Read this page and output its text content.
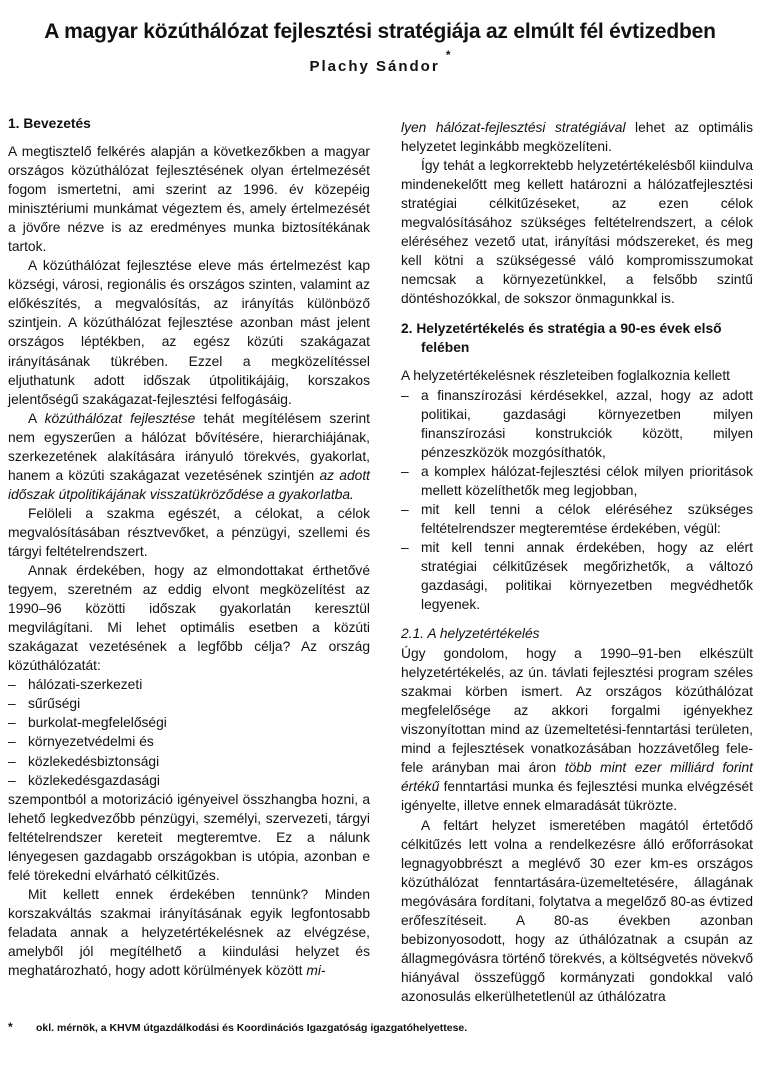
A magyar közúthálózat fejlesztési stratégiája az elmúlt fél évtizedben
Plachy Sándor *
1. Bevezetés

A megtisztelő felkérés alapján a következőkben a magyar országos közúthálózat fejlesztésének olyan értelmezését fogom ismertetni, ami szerint az 1996. év közepéig minisztériumi munkámat végeztem és, amely értelmezését a jövőre nézve is az eredményes munka biztosítékának tartok.

A közúthálózat fejlesztése eleve más értelmezést kap községi, városi, regionális és országos szinten, valamint az előkészítés, a megvalósítás, az irányítás különböző szintjein. A közúthálózat fejlesztése azonban mást jelent országos léptékben, az egész közúti szakágazat irányításának tükrében. Ezzel a megközelítéssel eljuthatunk adott időszak útpolitikájáig, korszakos jelentőségű szakágazat-fejlesztési felfogásáig.

A közúthálózat fejlesztése tehát megítélésem szerint nem egyszerűen a hálózat bővítésére, hierarchiájának, szerkezetének alakítására irányuló törekvés, gyakorlat, hanem a közúti szakágazat vezetésének szintjén az adott időszak útpolitikájának visszatükröződése a gyakorlatba.

Felöleli a szakma egészét, a célokat, a célok megvalósításában résztvevőket, a pénzügyi, szellemi és tárgyi feltételrendszert.

Annak érdekében, hogy az elmondottakat érthetővé tegyem, szeretném az eddig elvont megközelítést az 1990–96 közötti időszak gyakorlatán keresztül megvilágítani. Mi lehet optimális esetben a közúti szakágazat vezetésének a legfőbb célja? Az ország közúthálózatát:

– hálózati-szerkezeti
– sűrűségi
– burkolat-megfelelőségi
– környezetvédelmi és
– közlekedésbiztonsági
– közlekedésgazdasági

szempontból a motorizáció igényeivel összhangba hozni, a lehető legkedvezőbb pénzügyi, személyi, szervezeti, tárgyi feltételrendszer kereteit megteremtve. Ez a nálunk lényegesen gazdagabb országokban is utópia, azonban e felé törekedni elvárható célkitűzés.

Mit kellett ennek érdekében tennünk? Minden korszakváltás szakmai irányításának egyik legfontosabb feladata annak a helyzetértékelésnek az elvégzése, amelyből jól megítélhető a kiindulási helyzet és meghatározható, hogy adott körülmények között mi-

lyen hálózat-fejlesztési stratégiával lehet az optimális helyzetet leginkább megközelíteni.

Így tehát a legkorrektebb helyzetértékelésből kiindulva mindenekelőtt meg kellett határozni a hálózatfejlesztési stratégiai célkitűzéseket, az ezen célok megvalósításához szükséges feltételrendszert, a célok eléréséhez vezető utat, irányítási módszereket, és meg kell kötni a szükségessé váló kompromisszumokat nemcsak a környezetünkkel, a felsőbb szintű döntéshozókkal, de sokszor önmagunkkal is.

2. Helyzetértékelés és stratégia a 90-es évek első felében

A helyzetértékelésnek részleteiben foglalkoznia kellett

– a finanszírozási kérdésekkel, azzal, hogy az adott politikai, gazdasági környezetben milyen finanszírozási konstrukciók között, milyen pénzeszközök mozgósíthatók,
– a komplex hálózat-fejlesztési célok milyen prioritások mellett közelíthetők meg legjobban,
– mit kell tenni a célok eléréséhez szükséges feltételrendszer megteremtése érdekében, végül:
– mit kell tenni annak érdekében, hogy az elért stratégiai célkitűzések megőrizhetők, a változó gazdasági, politikai környezetben megvédhetők legyenek.
2.1. A helyzetértékelés

Úgy gondolom, hogy a 1990–91-ben elkészült helyzetértékelés, az ún. távlati fejlesztési program széles szakmai körben ismert. Az országos közúthálózat megfelelősége az akkori forgalmi igényekhez viszonyítottan mind az üzemeltetési-fenntartási területen, mind a fejlesztések vonatkozásában hozzávetőleg fele-fele arányban mai áron több mint ezer milliárd forint értékű fenntartási munka és fejlesztési munka elvégzését igényelte, illetve ennek elmaradását tükrözte.

A feltárt helyzet ismeretében magától értetődő célkitűzés lett volna a rendelkezésre álló erőforrásokat legnagyobbrészt a meglévő 30 ezer km-es országos közúthálózat fenntartására-üzemeltetésére, állagának megóvására fordítani, folytatva a megelőző 80-as évtized erőfeszítéseit. A 80-as években azonban bebizonyosodott, hogy az úthálózatnak a csupán az állagmegóvásra történő törekvés, a költségvetés növekvő hiányával összefüggő kormányzati gondokkal való azonosulás elkerülhetetlenül az úthálózatra

* okl. mérnök, a KHVM útgazdálkodási és Koordinációs Igazgatóság igazgatóhelyettese.
